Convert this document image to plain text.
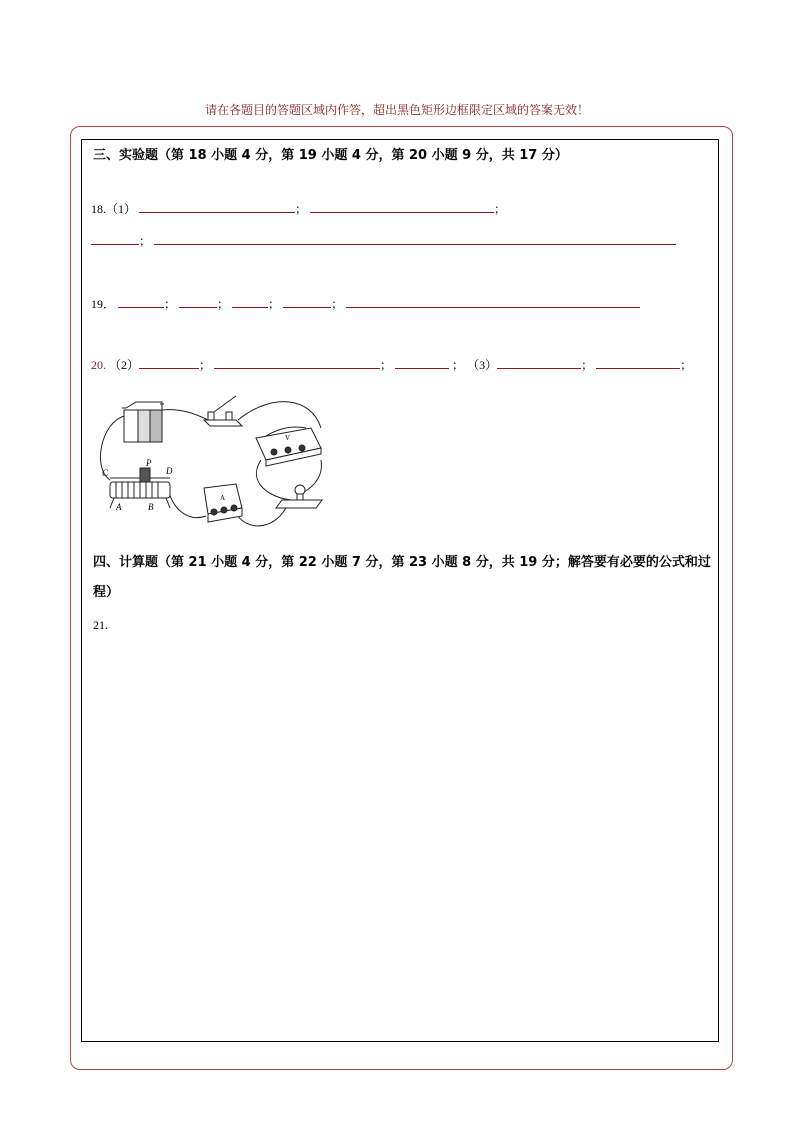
请在各题目的答题区域内作答，超出黑色矩形边框限定区域的答案无效！
三、实验题（第 18 小题 4 分，第 19 小题 4 分，第 20 小题 9 分，共 17 分）
18.（1）	；	；
；
19．	；	；	；	；
20. （2）	；	；	； （3）	；	；
V
A
C
P
D
A	B
四、计算题（第 21 小题 4 分，第 22 小题 7 分，第 23 小题 8 分，共 19 分；解答要有必要的公式和过程）
21.
